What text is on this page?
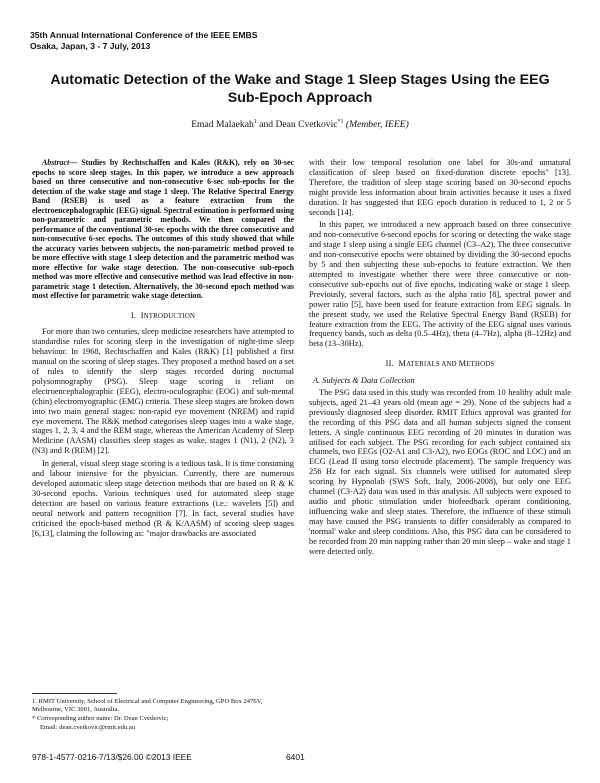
35th Annual International Conference of the IEEE EMBS
Osaka, Japan, 3 - 7 July, 2013
Automatic Detection of the Wake and Stage 1 Sleep Stages Using the EEG Sub-Epoch Approach
Emad Malaekah$^1$ and Dean Cvetkovic$^{*1}$ (Member, IEEE)

Abstract— Studies by Rechtschaffen and Kales (R&K), rely on 30-sec epochs to score sleep stages. In this paper, we introduce a new approach based on three consecutive and non-consecutive 6-sec sub-epochs for the detection of the wake stage and stage 1 sleep. The Relative Spectral Energy Band (RSEB) is used as a feature extraction from the electroencephalographic (EEG) signal. Spectral estimation is performed using non-parametric and parametric methods. We then compared the performance of the conventional 30-sec epochs with the three consecutive and non-consecutive 6-sec epochs. The outcomes of this study showed that while the accuracy varies between subjects, the non-parametric method proved to be more effective with stage 1 sleep detection and the parametric method was more effective for wake stage detection. The non-consecutive sub-epoch method was more effective and consecutive method was lead effective in non-parametric stage 1 detection. Alternatively, the 30-second epoch method was most effective for parametric wake stage detection.

I. INTRODUCTION

For more than two centuries, sleep medicine researchers have attempted to standardise rules for scoring sleep in the investigation of night-time sleep behaviour. In 1968, Rechtschaffen and Kales (R&K) [1] published a first manual on the scoring of sleep stages. They proposed a method based on a set of rules to identify the sleep stages recorded during nocturnal polysomnography (PSG). Sleep stage scoring is reliant on electroencephalographic (EEG), electro-oculographic (EOG) and sub-mental (chin) electromyographic (EMG) criteria. These sleep stages are broken down into two main general stages: non-rapid eye movement (NREM) and rapid eye movement. The R&K method categorises sleep stages into a wake stage, stages 1, 2, 3, 4 and the REM stage, whereas the American Academy of Sleep Medicine (AASM) classifies sleep stages as wake, stages 1 (N1), 2 (N2), 3 (N3) and R (REM) [2].

In general, visual sleep stage scoring is a tedious task. It is time consuming and labour intensive for the physician. Currently, there are numerous developed automatic sleep stage detection methods that are based on R & K 30-second epochs. Various techniques used for automated sleep stage detection are based on various feature extractions (i.e.: wavelets [5]) and neural network and pattern recognition [7]. In fact, several studies have criticised the epoch-based method (R & K/AASM) of scoring sleep stages [6,13], claiming the following as: "major drawbacks are associated

with their low temporal resolution one label for 30s-and unnatural classification of sleep based on fixed-duration discrete epochs" [13]. Therefore, the tradition of sleep stage scoring based on 30-second epochs might provide less information about brain activities because it uses a fixed duration. It has suggested that EEG epoch duration is reduced to 1, 2 or 5 seconds [14].

In this paper, we introduced a new approach based on three consecutive and non-consecutive 6-second epochs for scoring or detecting the wake stage and stage 1 sleep using a single EEG channel (C3–A2). The three consecutive and non-consecutive epochs were obtained by dividing the 30-second epochs by 5 and then subjecting these sub-epochs to feature extraction. We then attempted to investigate whether there were three consecutive or non-consecutive sub-epochs out of five epochs, indicating wake or stage 1 sleep. Previously, several factors, such as the alpha ratio [8], spectral power and power ratio [5], have been used for feature extraction from EEG signals. In the present study, we used the Relative Spectral Energy Band (RSEB) for feature extraction from the EEG. The activity of the EEG signal uses various frequency bands, such as delta (0.5–4Hz), theta (4–7Hz), alpha (8–12Hz) and beta (13–30Hz).

II. MATERIALS AND METHODS
A. Subjects & Data Collection

The PSG data used in this study was recorded from 10 healthy adult male subjects, aged 21–43 years old (mean age = 29). None of the subjects had a previously diagnosed sleep disorder. RMIT Ethics approval was granted for the recording of this PSG data and all human subjects signed the consent letters. A single continuous EEG recording of 20 minutes in duration was utilised for each subject. The PSG recording for each subject contained six channels, two EEGs (O2-A1 and C3-A2), two EOGs (ROC and LOC) and an ECG (Lead II using torso electrode placement). The sample frequency was 256 Hz for each signal. Six channels were utilised for automated sleep scoring by Hypnolab (SWS Soft, Italy, 2006-2008), but only one EEG channel (C3-A2) data was used in this analysis. All subjects were exposed to audio and photic stimulation under biofeedback operant conditioning, influencing wake and sleep states. Therefore, the influence of these stimuli may have caused the PSG transients to differ considerably as compared to 'normal' wake and sleep conditions. Also, this PSG data can be considered to be recorded from 20 min napping rather than 20 min sleep – wake and stage 1 were detected only.

1. RMIT University, School of Electrical and Computer Engineering, GPO Box 2476V, Melbourne, VIC 3001, Australia.
* Corresponding author name: Dr. Dean Cvetkovic;
Email: dean.cvetkovic@rmit.edu.au
978-1-4577-0216-7/13/$26.00 ©2013 IEEE	6401
